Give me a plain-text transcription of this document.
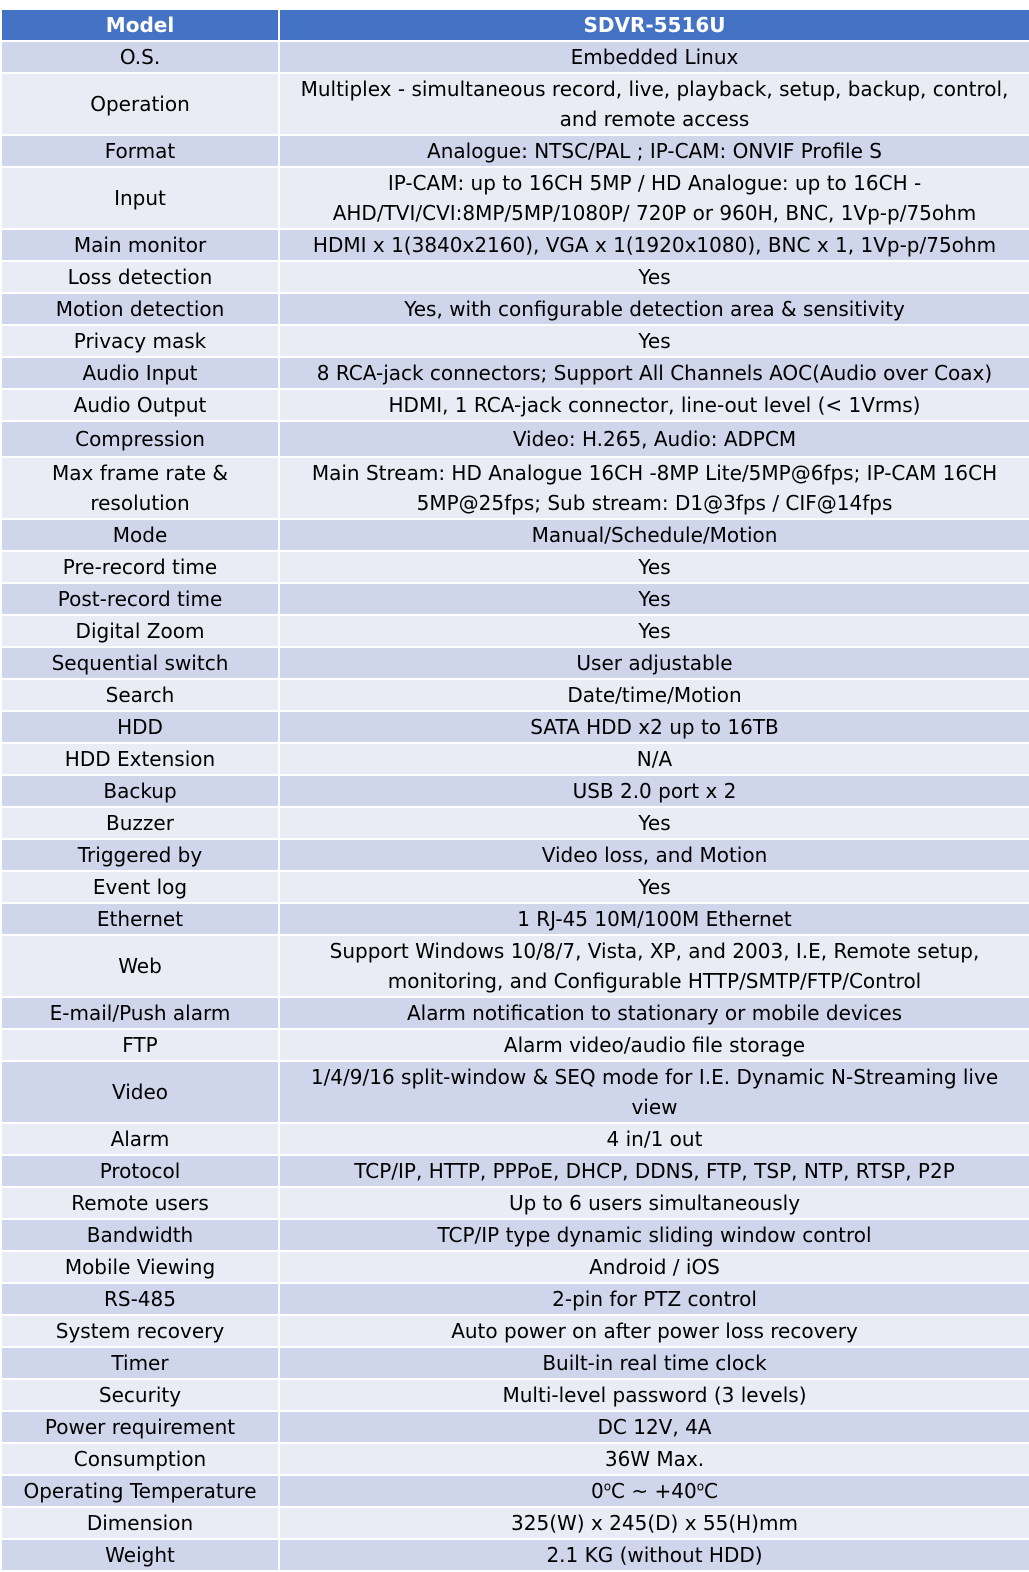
Model	SDVR-5516U
O.S.	Embedded Linux
Operation	Multiplex - simultaneous record, live, playback, setup, backup, control, and remote access
Format	Analogue: NTSC/PAL ; IP-CAM: ONVIF Profile S
Input	IP-CAM: up to 16CH 5MP / HD Analogue: up to 16CH - AHD/TVI/CVI:8MP/5MP/1080P/ 720P or 960H, BNC, 1Vp-p/75ohm
Main monitor	HDMI x 1(3840x2160), VGA x 1(1920x1080), BNC x 1, 1Vp-p/75ohm
Loss detection	Yes
Motion detection	Yes, with configurable detection area & sensitivity
Privacy mask	Yes
Audio Input	8 RCA-jack connectors; Support All Channels AOC(Audio over Coax)
Audio Output	HDMI, 1 RCA-jack connector, line-out level (< 1Vrms)
Compression	Video: H.265, Audio: ADPCM
Max frame rate & resolution	Main Stream: HD Analogue 16CH -8MP Lite/5MP@6fps; IP-CAM 16CH 5MP@25fps; Sub stream: D1@3fps / CIF@14fps
Mode	Manual/Schedule/Motion
Pre-record time	Yes
Post-record time	Yes
Digital Zoom	Yes
Sequential switch	User adjustable
Search	Date/time/Motion
HDD	SATA HDD x2 up to 16TB
HDD Extension	N/A
Backup	USB 2.0 port x 2
Buzzer	Yes
Triggered by	Video loss, and Motion
Event log	Yes
Ethernet	1 RJ-45 10M/100M Ethernet
Web	Support Windows 10/8/7, Vista, XP, and 2003, I.E, Remote setup, monitoring, and Configurable HTTP/SMTP/FTP/Control
E-mail/Push alarm	Alarm notification to stationary or mobile devices
FTP	Alarm video/audio file storage
Video	1/4/9/16 split-window & SEQ mode for I.E. Dynamic N-Streaming live view
Alarm	4 in/1 out
Protocol	TCP/IP, HTTP, PPPoE, DHCP, DDNS, FTP, TSP, NTP, RTSP, P2P
Remote users	Up to 6 users simultaneously
Bandwidth	TCP/IP type dynamic sliding window control
Mobile Viewing	Android / iOS
RS-485	2-pin for PTZ control
System recovery	Auto power on after power loss recovery
Timer	Built-in real time clock
Security	Multi-level password (3 levels)
Power requirement	DC 12V, 4A
Consumption	36W Max.
Operating Temperature	0$^o$C ~ $+40^oC$
Dimension	325(W) x 245(D) x 55(H)mm
Weight	2.1 KG (without HDD)
